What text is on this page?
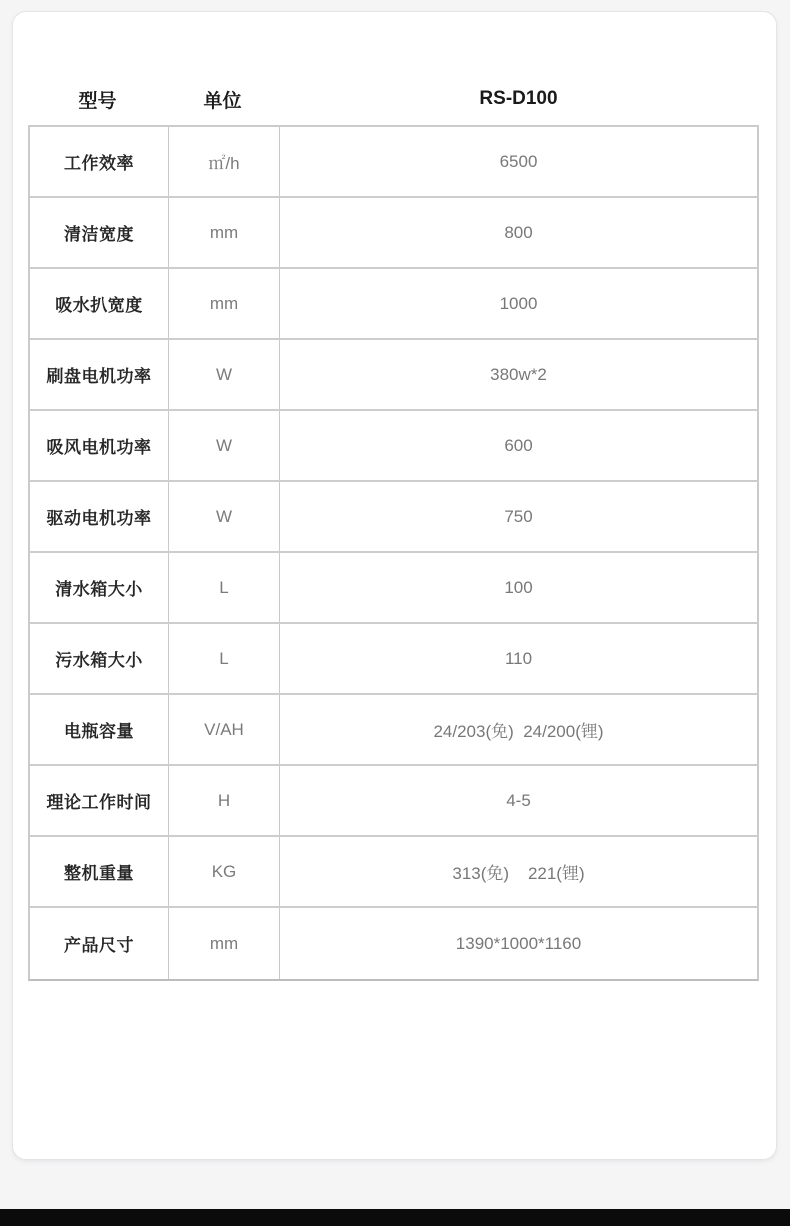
型号	单位	RS-D100
工作效率	㎡/h	6500
清洁宽度	mm	800
吸水扒宽度	mm	1000
刷盘电机功率	W	380w*2
吸风电机功率	W	600
驱动电机功率	W	750
清水箱大小	L	100
污水箱大小	L	110
电瓶容量	V/AH	24/203(免)  24/200(锂)
理论工作时间	H	4-5
整机重量	KG	313(免)    221(锂)
产品尺寸	mm	1390*1000*1160
